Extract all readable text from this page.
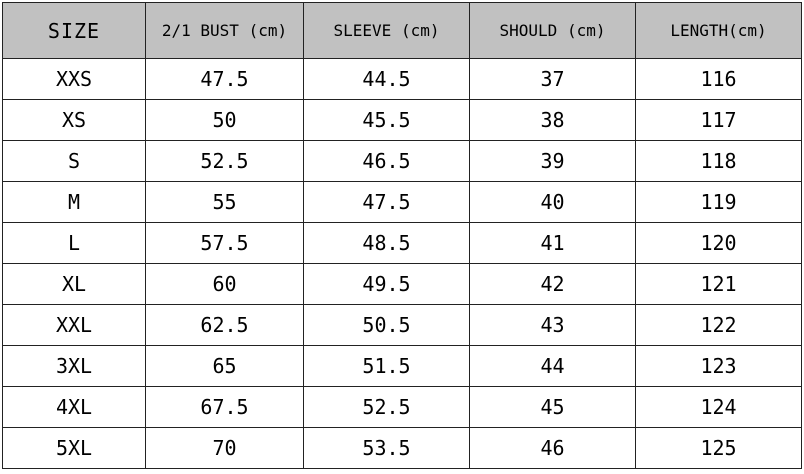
SIZE	2/1 BUST (cm)	SLEEVE (cm)	SHOULD (cm)	LENGTH(cm)
XXS	47.5	44.5	37	116
XS	50	45.5	38	117
S	52.5	46.5	39	118
M	55	47.5	40	119
L	57.5	48.5	41	120
XL	60	49.5	42	121
XXL	62.5	50.5	43	122
3XL	65	51.5	44	123
4XL	67.5	52.5	45	124
5XL	70	53.5	46	125
